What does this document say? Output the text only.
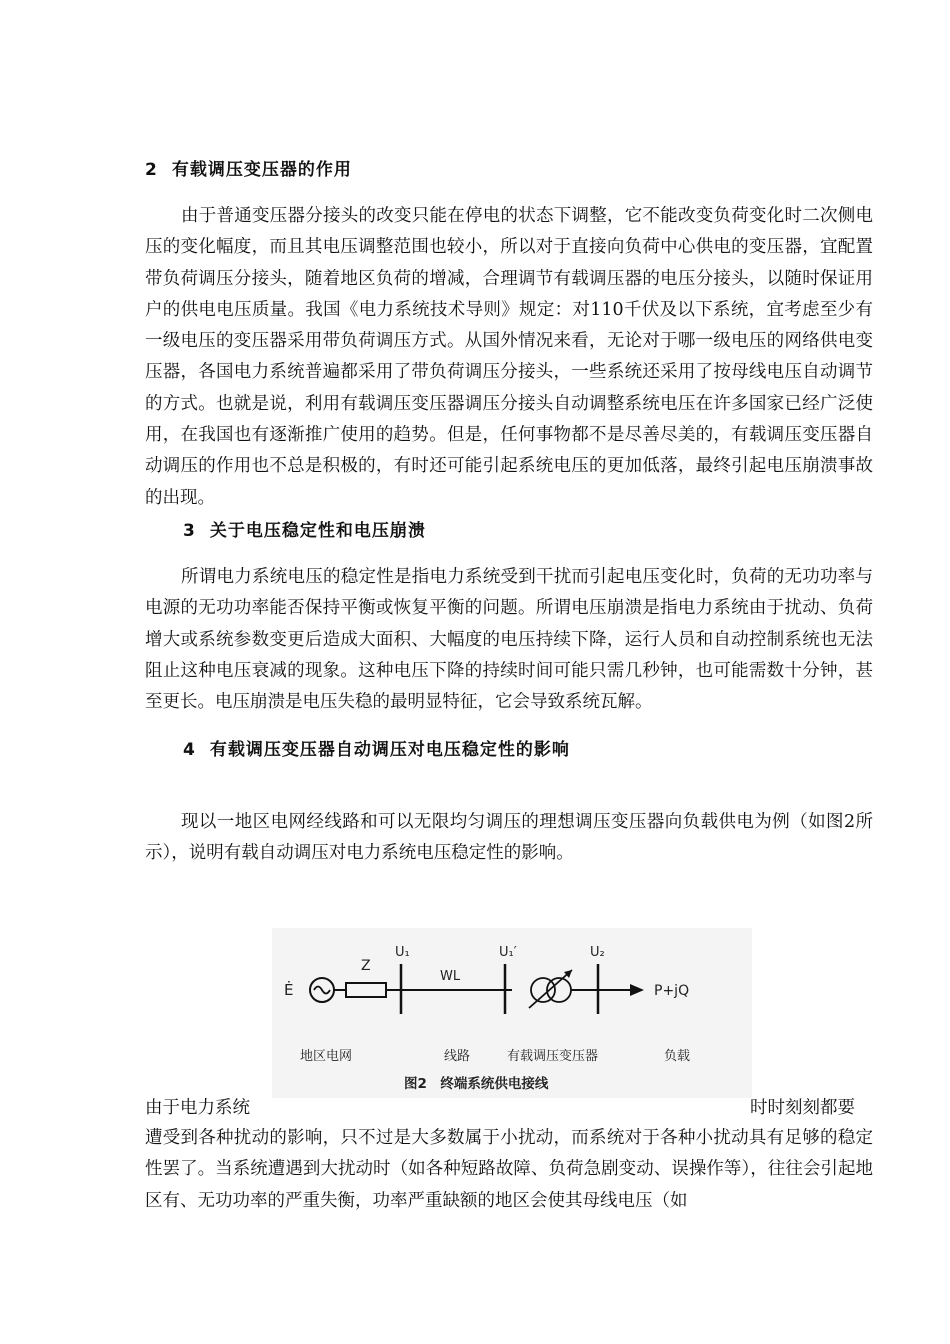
2 有载调压变压器的作用

由于普通变压器分接头的改变只能在停电的状态下调整，它不能改变负荷变化时二次侧电压的变化幅度，而且其电压调整范围也较小，所以对于直接向负荷中心供电的变压器，宜配置带负荷调压分接头，随着地区负荷的增减，合理调节有载调压器的电压分接头，以随时保证用户的供电电压质量。我国《电力系统技术导则》规定：对110千伏及以下系统，宜考虑至少有一级电压的变压器采用带负荷调压方式。从国外情况来看，无论对于哪一级电压的网络供电变压器，各国电力系统普遍都采用了带负荷调压分接头，一些系统还采用了按母线电压自动调节的方式。也就是说，利用有载调压变压器调压分接头自动调整系统电压在许多国家已经广泛使用，在我国也有逐渐推广使用的趋势。但是，任何事物都不是尽善尽美的，有载调压变压器自动调压的作用也不总是积极的，有时还可能引起系统电压的更加低落，最终引起电压崩溃事故的出现。

3 关于电压稳定性和电压崩溃

所谓电力系统电压的稳定性是指电力系统受到干扰而引起电压变化时，负荷的无功功率与电源的无功功率能否保持平衡或恢复平衡的问题。所谓电压崩溃是指电力系统由于扰动、负荷增大或系统参数变更后造成大面积、大幅度的电压持续下降，运行人员和自动控制系统也无法阻止这种电压衰减的现象。这种电压下降的持续时间可能只需几秒钟，也可能需数十分钟，甚至更长。电压崩溃是电压失稳的最明显特征，它会导致系统瓦解。

4 有载调压变压器自动调压对电压稳定性的影响

现以一地区电网经线路和可以无限均匀调压的理想调压变压器向负载供电为例（如图2所示），说明有载自动调压对电力系统电压稳定性的影响。

Ė
Z
U₁
WL
U₁′	U₂
P+jQ
地区电网	线路	有载调压变压器	负载
图2　终端系统供电接线
由于电力系统	时时刻刻都要

遭受到各种扰动的影响，只不过是大多数属于小扰动，而系统对于各种小扰动具有足够的稳定性罢了。当系统遭遇到大扰动时（如各种短路故障、负荷急剧变动、误操作等），往往会引起地区有、无功功率的严重失衡，功率严重缺额的地区会使其母线电压（如
